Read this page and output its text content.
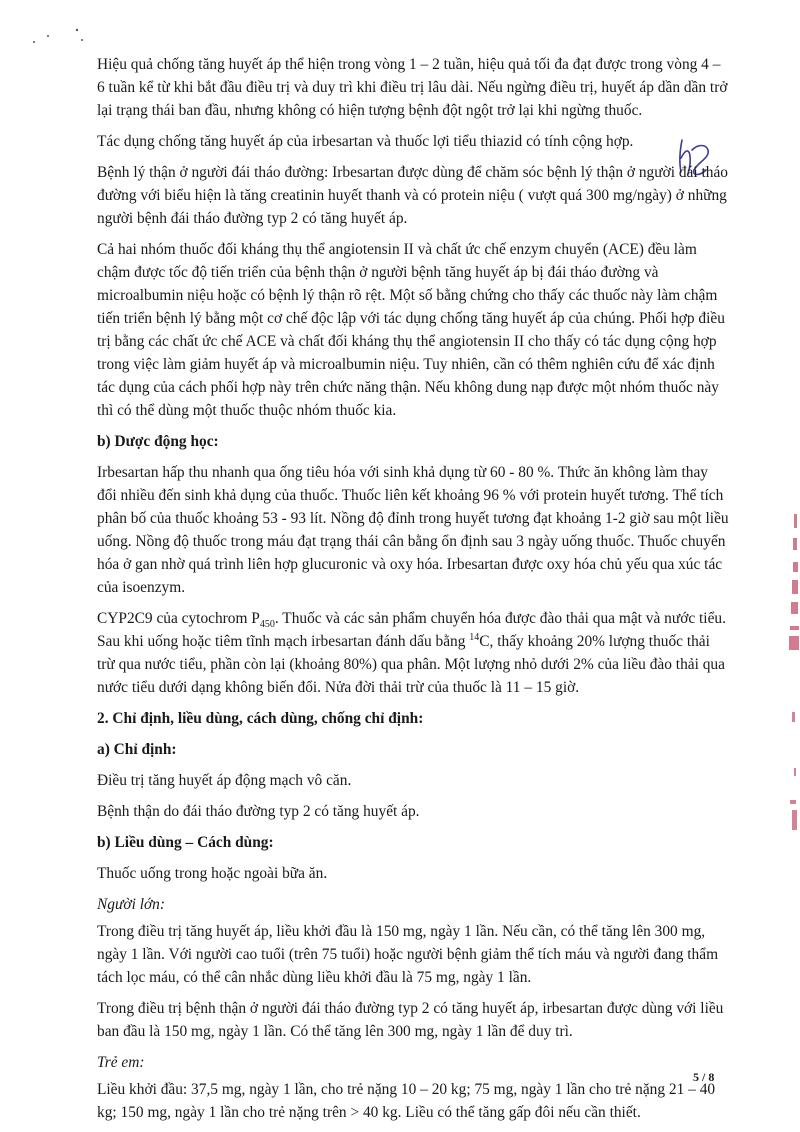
Hiệu quả chống tăng huyết áp thể hiện trong vòng 1 – 2 tuần, hiệu quả tối đa đạt được trong vòng 4 – 6 tuần kể từ khi bắt đầu điều trị và duy trì khi điều trị lâu dài. Nếu ngừng điều trị, huyết áp dần dần trở lại trạng thái ban đầu, nhưng không có hiện tượng bệnh đột ngột trở lại khi ngừng thuốc.

Tác dụng chống tăng huyết áp của irbesartan và thuốc lợi tiểu thiazid có tính cộng hợp.

Bệnh lý thận ở người đái tháo đường: Irbesartan được dùng để chăm sóc bệnh lý thận ở người đái tháo đường với biểu hiện là tăng creatinin huyết thanh và có protein niệu ( vượt quá 300 mg/ngày) ở những người bệnh đái tháo đường typ 2 có tăng huyết áp.

Cả hai nhóm thuốc đối kháng thụ thể angiotensin II và chất ức chế enzym chuyển (ACE) đều làm chậm được tốc độ tiến triển của bệnh thận ở người bệnh tăng huyết áp bị đái tháo đường và microalbumin niệu hoặc có bệnh lý thận rõ rệt. Một số bằng chứng cho thấy các thuốc này làm chậm tiến triển bệnh lý bằng một cơ chế độc lập với tác dụng chống tăng huyết áp của chúng. Phối hợp điều trị bằng các chất ức chế ACE và chất đối kháng thụ thể angiotensin II cho thấy có tác dụng cộng hợp trong việc làm giảm huyết áp và microalbumin niệu. Tuy nhiên, cần có thêm nghiên cứu để xác định tác dụng của cách phối hợp này trên chức năng thận. Nếu không dung nạp được một nhóm thuốc này thì có thể dùng một thuốc thuộc nhóm thuốc kia.

b) Dược động học:

Irbesartan hấp thu nhanh qua ống tiêu hóa với sinh khả dụng từ 60 - 80 %. Thức ăn không làm thay đổi nhiều đến sinh khả dụng của thuốc. Thuốc liên kết khoảng 96 % với protein huyết tương. Thể tích phân bố của thuốc khoảng 53 - 93 lít. Nồng độ đỉnh trong huyết tương đạt khoảng 1-2 giờ sau một liều uống. Nồng độ thuốc trong máu đạt trạng thái cân bằng ổn định sau 3 ngày uống thuốc. Thuốc chuyển hóa ở gan nhờ quá trình liên hợp glucuronic và oxy hóa. Irbesartan được oxy hóa chủ yếu qua xúc tác của isoenzym.

CYP2C9 của cytochrom $P_{450}$. Thuốc và các sản phẩm chuyển hóa được đào thải qua mật và nước tiểu. Sau khi uống hoặc tiêm tĩnh mạch irbesartan đánh dấu bằng $^{14}$C, thấy khoảng 20% lượng thuốc thải trừ qua nước tiểu, phần còn lại (khoảng 80%) qua phân. Một lượng nhỏ dưới 2% của liều đào thải qua nước tiểu dưới dạng không biến đổi. Nửa đời thải trừ của thuốc là 11 – 15 giờ.

2. Chỉ định, liều dùng, cách dùng, chống chỉ định:

a) Chỉ định:

Điều trị tăng huyết áp động mạch vô căn.

Bệnh thận do đái tháo đường typ 2 có tăng huyết áp.

b) Liều dùng – Cách dùng:

Thuốc uống trong hoặc ngoài bữa ăn.

Người lớn:

Trong điều trị tăng huyết áp, liều khởi đầu là 150 mg, ngày 1 lần. Nếu cần, có thể tăng lên 300 mg, ngày 1 lần. Với người cao tuổi (trên 75 tuổi) hoặc người bệnh giảm thể tích máu và người đang thẩm tách lọc máu, có thể cân nhắc dùng liều khởi đầu là 75 mg, ngày 1 lần.

Trong điều trị bệnh thận ở người đái tháo đường typ 2 có tăng huyết áp, irbesartan được dùng với liều ban đầu là 150 mg, ngày 1 lần. Có thể tăng lên 300 mg, ngày 1 lần để duy trì.

Trẻ em:

Liều khởi đầu: 37,5 mg, ngày 1 lần, cho trẻ nặng 10 – 20 kg; 75 mg, ngày 1 lần cho trẻ nặng 21 – 40 kg; 150 mg, ngày 1 lần cho trẻ nặng trên > 40 kg. Liều có thể tăng gấp đôi nếu cần thiết.

5 / 8
